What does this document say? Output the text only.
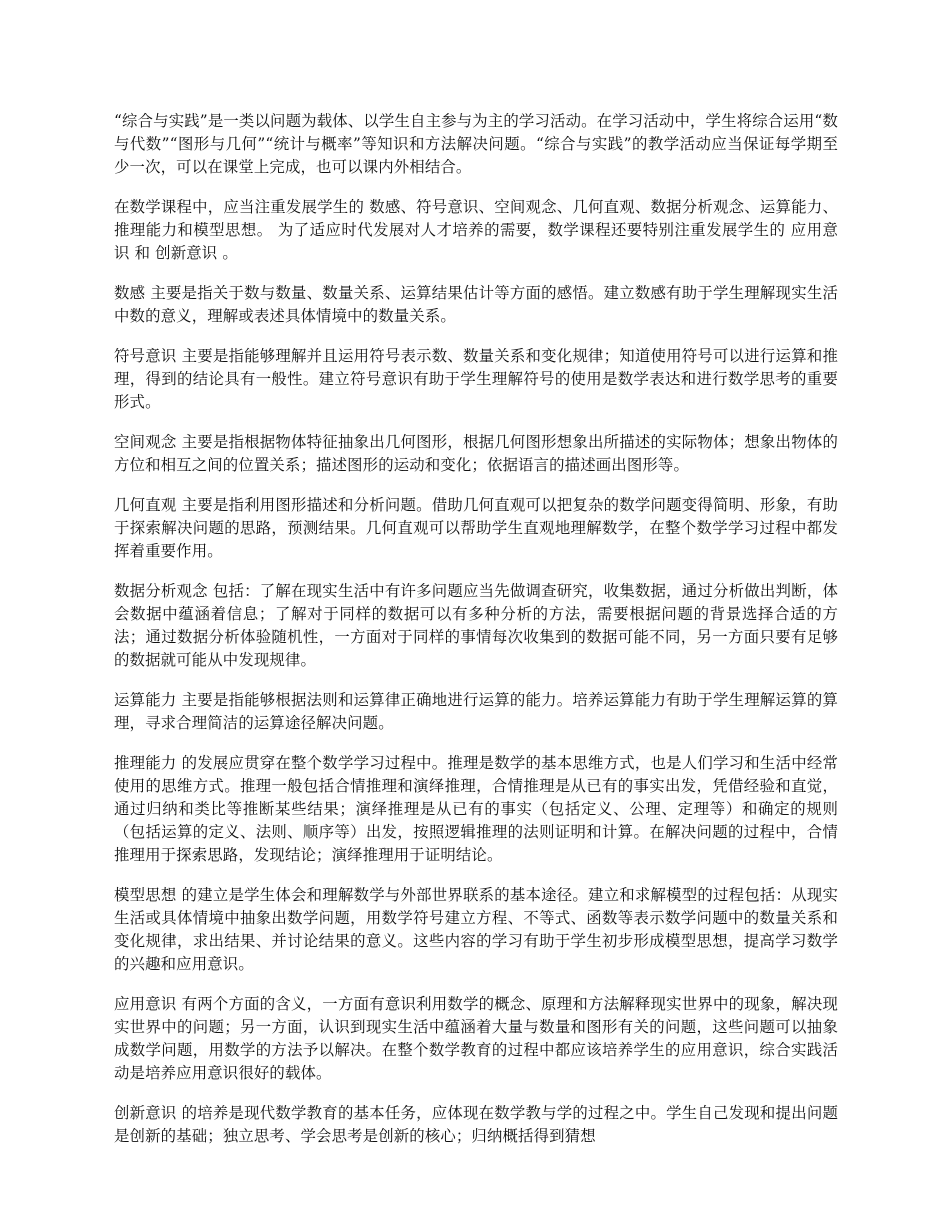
“综合与实践”是一类以问题为载体、以学生自主参与为主的学习活动。在学习活动中，学生将综合运用“数与代数”“图形与几何”“统计与概率”等知识和方法解决问题。“综合与实践”的教学活动应当保证每学期至少一次，可以在课堂上完成，也可以课内外相结合。

在数学课程中，应当注重发展学生的 数感、符号意识、空间观念、几何直观、数据分析观念、运算能力、推理能力和模型思想。 为了适应时代发展对人才培养的需要，数学课程还要特别注重发展学生的 应用意识 和 创新意识 。

数感 主要是指关于数与数量、数量关系、运算结果估计等方面的感悟。建立数感有助于学生理解现实生活中数的意义，理解或表述具体情境中的数量关系。

符号意识 主要是指能够理解并且运用符号表示数、数量关系和变化规律；知道使用符号可以进行运算和推理，得到的结论具有一般性。建立符号意识有助于学生理解符号的使用是数学表达和进行数学思考的重要形式。

空间观念 主要是指根据物体特征抽象出几何图形，根据几何图形想象出所描述的实际物体；想象出物体的方位和相互之间的位置关系；描述图形的运动和变化；依据语言的描述画出图形等。

几何直观 主要是指利用图形描述和分析问题。借助几何直观可以把复杂的数学问题变得简明、形象，有助于探索解决问题的思路，预测结果。几何直观可以帮助学生直观地理解数学，在整个数学学习过程中都发挥着重要作用。

数据分析观念 包括：了解在现实生活中有许多问题应当先做调查研究，收集数据，通过分析做出判断，体会数据中蕴涵着信息；了解对于同样的数据可以有多种分析的方法，需要根据问题的背景选择合适的方法；通过数据分析体验随机性，一方面对于同样的事情每次收集到的数据可能不同，另一方面只要有足够的数据就可能从中发现规律。

运算能力 主要是指能够根据法则和运算律正确地进行运算的能力。培养运算能力有助于学生理解运算的算理，寻求合理简洁的运算途径解决问题。

推理能力 的发展应贯穿在整个数学学习过程中。推理是数学的基本思维方式，也是人们学习和生活中经常使用的思维方式。推理一般包括合情推理和演绎推理，合情推理是从已有的事实出发，凭借经验和直觉，通过归纳和类比等推断某些结果；演绎推理是从已有的事实（包括定义、公理、定理等）和确定的规则（包括运算的定义、法则、顺序等）出发，按照逻辑推理的法则证明和计算。在解决问题的过程中，合情推理用于探索思路，发现结论；演绎推理用于证明结论。

模型思想 的建立是学生体会和理解数学与外部世界联系的基本途径。建立和求解模型的过程包括：从现实生活或具体情境中抽象出数学问题，用数学符号建立方程、不等式、函数等表示数学问题中的数量关系和变化规律，求出结果、并讨论结果的意义。这些内容的学习有助于学生初步形成模型思想，提高学习数学的兴趣和应用意识。

应用意识 有两个方面的含义，一方面有意识利用数学的概念、原理和方法解释现实世界中的现象，解决现实世界中的问题；另一方面，认识到现实生活中蕴涵着大量与数量和图形有关的问题，这些问题可以抽象成数学问题，用数学的方法予以解决。在整个数学教育的过程中都应该培养学生的应用意识，综合实践活动是培养应用意识很好的载体。

创新意识 的培养是现代数学教育的基本任务，应体现在数学教与学的过程之中。学生自己发现和提出问题是创新的基础；独立思考、学会思考是创新的核心；归纳概括得到猜想
